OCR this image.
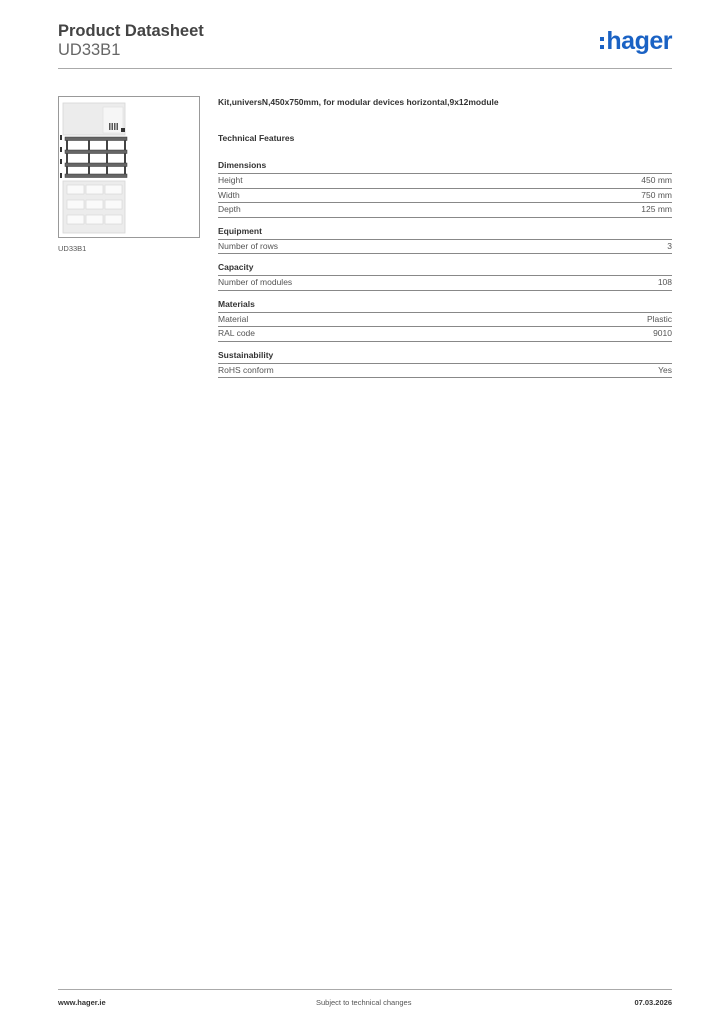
Product Datasheet
UD33B1	hager
UD33B1
Kit,universN,450x750mm, for modular devices horizontal,9x12module
Technical Features
Dimensions
Height	450 mm
Width	750 mm
Depth	125 mm
Equipment
Number of rows	3
Capacity
Number of modules	108
Materials
Material	Plastic
RAL code	9010
Sustainability
RoHS conform	Yes
www.hager.ie	Subject to technical changes	07.03.2026
